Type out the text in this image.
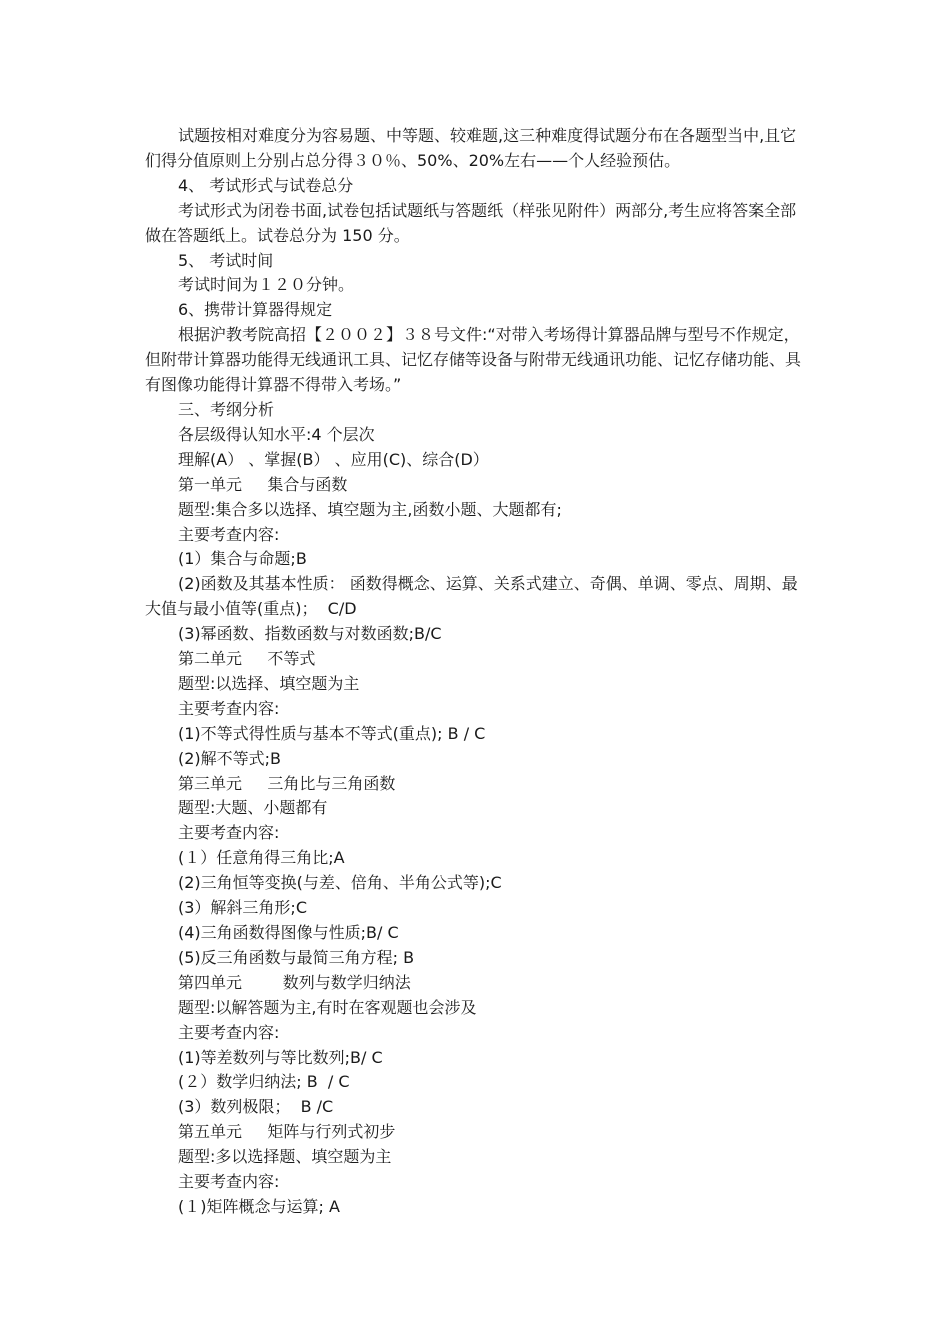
试题按相对难度分为容易题、中等题、较难题,这三种难度得试题分布在各题型当中,且它们得分值原则上分别占总分得３０％、50%、20%左右——个人经验预估。

4、 考试形式与试卷总分

考试形式为闭卷书面,试卷包括试题纸与答题纸（样张见附件）两部分,考生应将答案全部做在答题纸上。试卷总分为 150 分。

5、 考试时间

考试时间为１２０分钟。

6、携带计算器得规定

根据沪教考院高招【２００２】３８号文件:“对带入考场得计算器品牌与型号不作规定，但附带计算器功能得无线通讯工具、记忆存储等设备与附带无线通讯功能、记忆存储功能、具有图像功能得计算器不得带入考场。”

三、考纲分析

各层级得认知水平:4 个层次

理解(A） 、掌握(B） 、应用(C)、综合(D）

第一单元     集合与函数

题型:集合多以选择、填空题为主,函数小题、大题都有;

主要考查内容:

(1）集合与命题;B

(2)函数及其基本性质： 函数得概念、运算、关系式建立、奇偶、单调、零点、周期、最大值与最小值等(重点)；  C/D

(3)幂函数、指数函数与对数函数;B/C

第二单元     不等式

题型:以选择、填空题为主

主要考查内容:

(1)不等式得性质与基本不等式(重点); B / C

(2)解不等式;B

第三单元     三角比与三角函数

题型:大题、小题都有

主要考查内容:

(１）任意角得三角比;A

(2)三角恒等变换(与差、倍角、半角公式等);C

(3）解斜三角形;C

(4)三角函数得图像与性质;B/ C

(5)反三角函数与最简三角方程; B

第四单元        数列与数学归纳法

题型:以解答题为主,有时在客观题也会涉及

主要考查内容:

(1)等差数列与等比数列;B/ C

(２）数学归纳法; B  / C

(3）数列极限；  B /C

第五单元     矩阵与行列式初步

题型:多以选择题、填空题为主

主要考查内容:

(１)矩阵概念与运算; A
